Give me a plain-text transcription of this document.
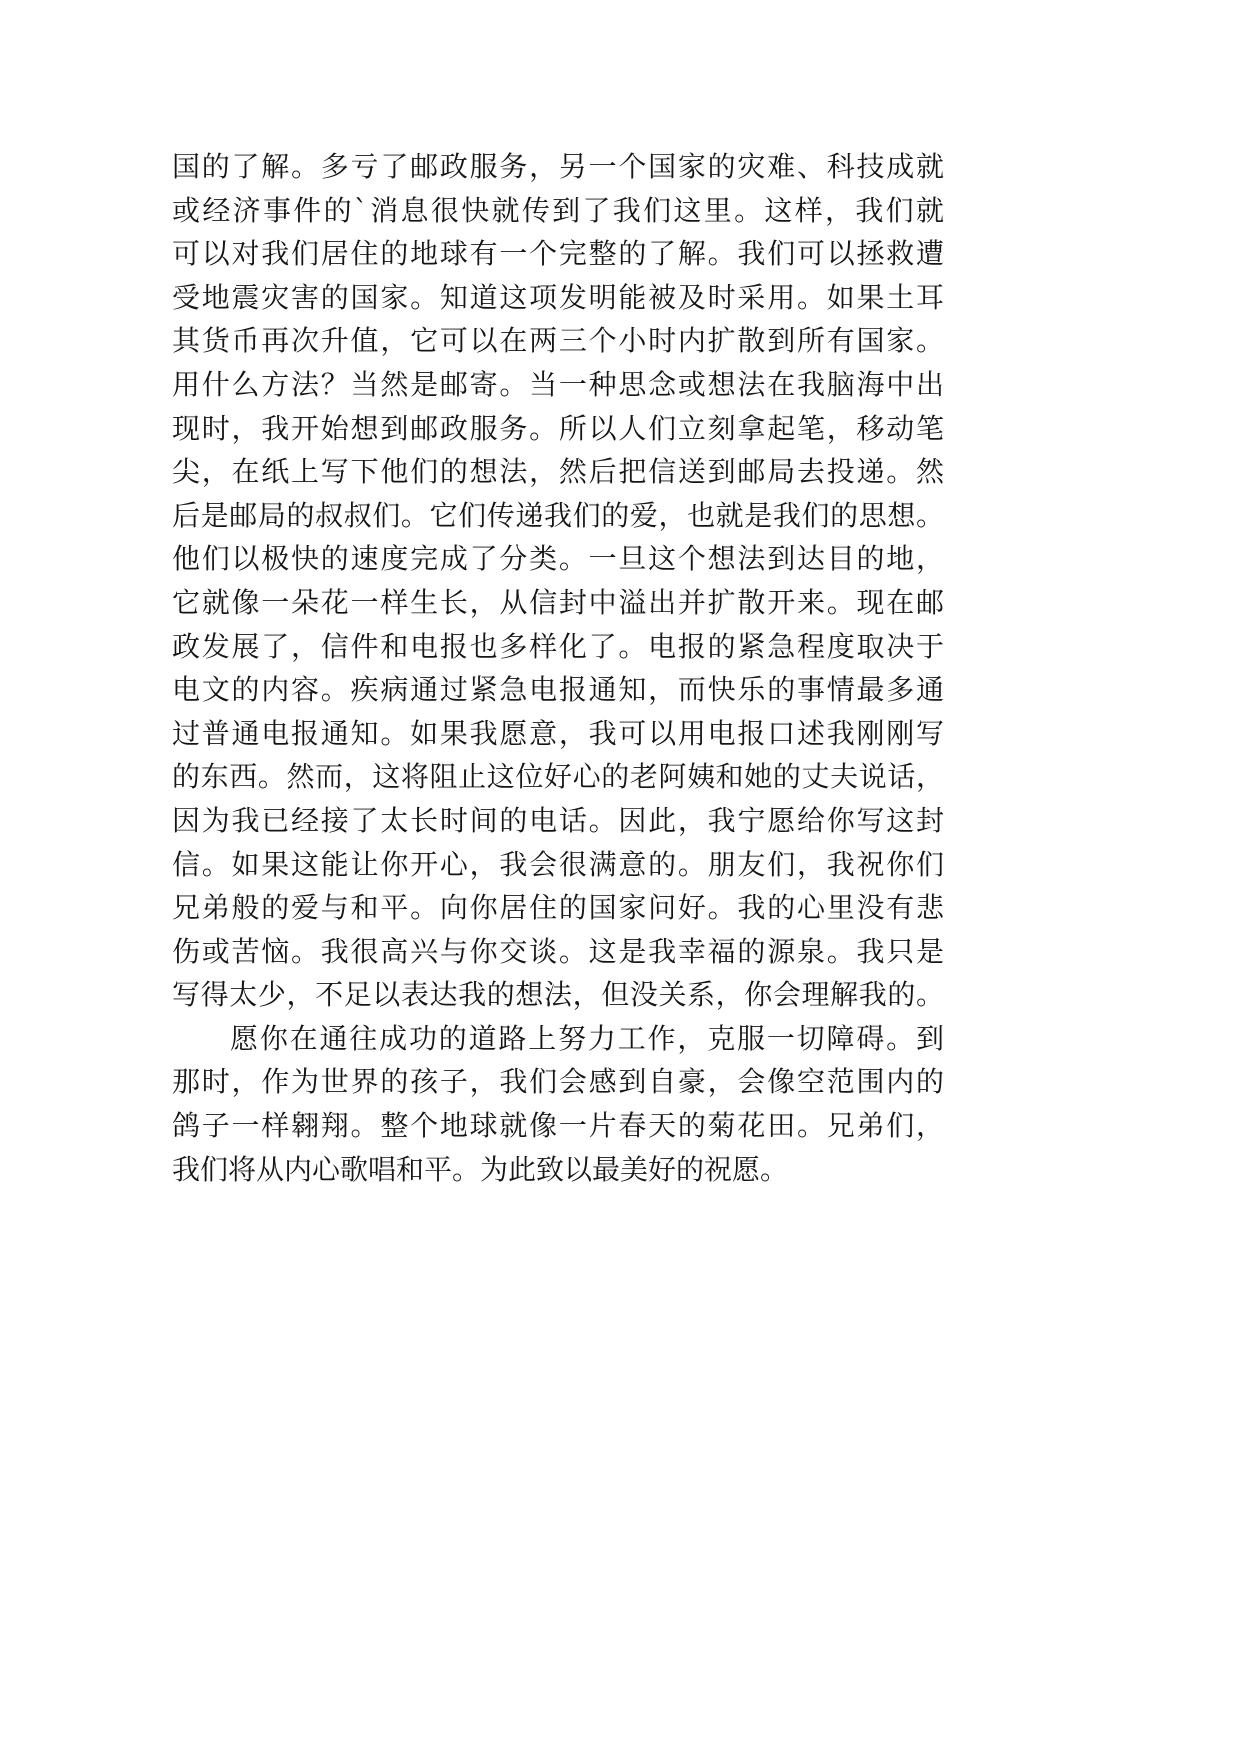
国的了解。多亏了邮政服务，另一个国家的灾难、科技成就
或经济事件的`消息很快就传到了我们这里。这样，我们就
可以对我们居住的地球有一个完整的了解。我们可以拯救遭
受地震灾害的国家。知道这项发明能被及时采用。如果土耳
其货币再次升值，它可以在两三个小时内扩散到所有国家。
用什么方法？当然是邮寄。当一种思念或想法在我脑海中出
现时，我开始想到邮政服务。所以人们立刻拿起笔，移动笔
尖，在纸上写下他们的想法，然后把信送到邮局去投递。然
后是邮局的叔叔们。它们传递我们的爱，也就是我们的思想。
他们以极快的速度完成了分类。一旦这个想法到达目的地，
它就像一朵花一样生长，从信封中溢出并扩散开来。现在邮
政发展了，信件和电报也多样化了。电报的紧急程度取决于
电文的内容。疾病通过紧急电报通知，而快乐的事情最多通
过普通电报通知。如果我愿意，我可以用电报口述我刚刚写
的东西。然而，这将阻止这位好心的老阿姨和她的丈夫说话，
因为我已经接了太长时间的电话。因此，我宁愿给你写这封
信。如果这能让你开心，我会很满意的。朋友们，我祝你们
兄弟般的爱与和平。向你居住的国家问好。我的心里没有悲
伤或苦恼。我很高兴与你交谈。这是我幸福的源泉。我只是
写得太少，不足以表达我的想法，但没关系，你会理解我的。
愿你在通往成功的道路上努力工作，克服一切障碍。到
那时，作为世界的孩子，我们会感到自豪，会像空范围内的
鸽子一样翱翔。整个地球就像一片春天的菊花田。兄弟们，
我们将从内心歌唱和平。为此致以最美好的祝愿。
